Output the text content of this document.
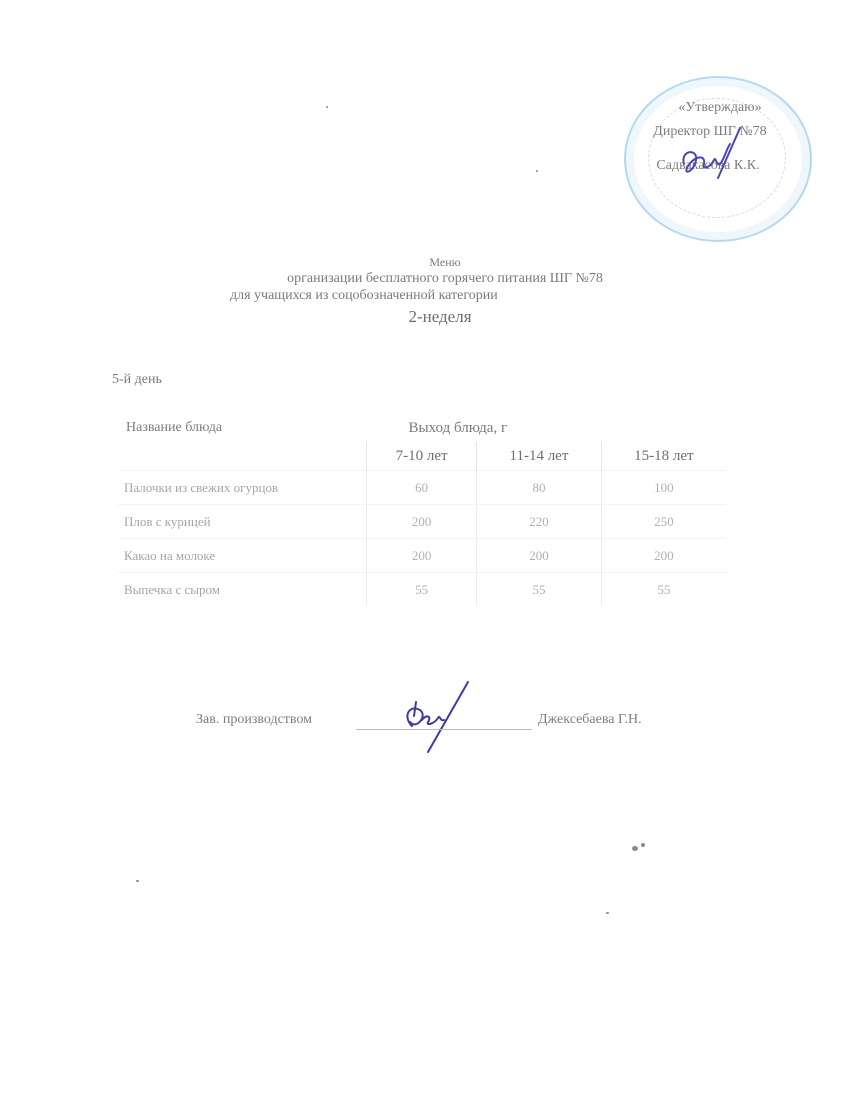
«Утверждаю»
Директор ШГ №78
Садвакасова К.К.
Меню
организации бесплатного горячего питания ШГ №78
для учащихся из соцобозначенной категории
2-неделя
5-й день
Название блюда	Выход блюда, г		
	7-10 лет	11-14 лет	15-18 лет
Палочки из свежих огурцов	60	80	100
Плов с курицей	200	220	250
Какао на молоке	200	200	200
Выпечка с сыром	55	55	55
Зав. производством	Джексебаева Г.Н.
